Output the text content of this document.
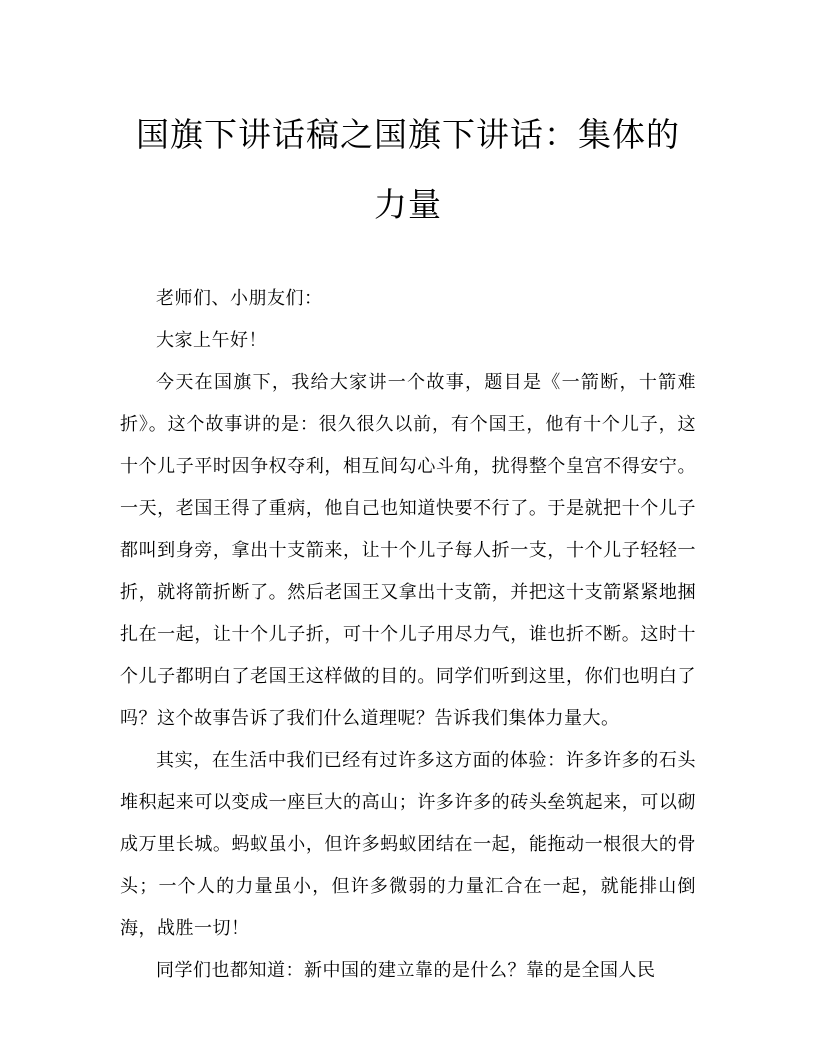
国旗下讲话稿之国旗下讲话：集体的力量

老师们、小朋友们：

大家上午好！

今天在国旗下，我给大家讲一个故事，题目是《一箭断，十箭难折》。这个故事讲的是：很久很久以前，有个国王，他有十个儿子，这十个儿子平时因争权夺利，相互间勾心斗角，扰得整个皇宫不得安宁。一天，老国王得了重病，他自己也知道快要不行了。于是就把十个儿子都叫到身旁，拿出十支箭来，让十个儿子每人折一支，十个儿子轻轻一折，就将箭折断了。然后老国王又拿出十支箭，并把这十支箭紧紧地捆扎在一起，让十个儿子折，可十个儿子用尽力气，谁也折不断。这时十个儿子都明白了老国王这样做的目的。同学们听到这里，你们也明白了吗？这个故事告诉了我们什么道理呢？告诉我们集体力量大。

其实，在生活中我们已经有过许多这方面的体验：许多许多的石头堆积起来可以变成一座巨大的高山；许多许多的砖头垒筑起来，可以砌成万里长城。蚂蚁虽小，但许多蚂蚁团结在一起，能拖动一根很大的骨头；一个人的力量虽小，但许多微弱的力量汇合在一起，就能排山倒海，战胜一切！

同学们也都知道：新中国的建立靠的是什么？靠的是全国人民
